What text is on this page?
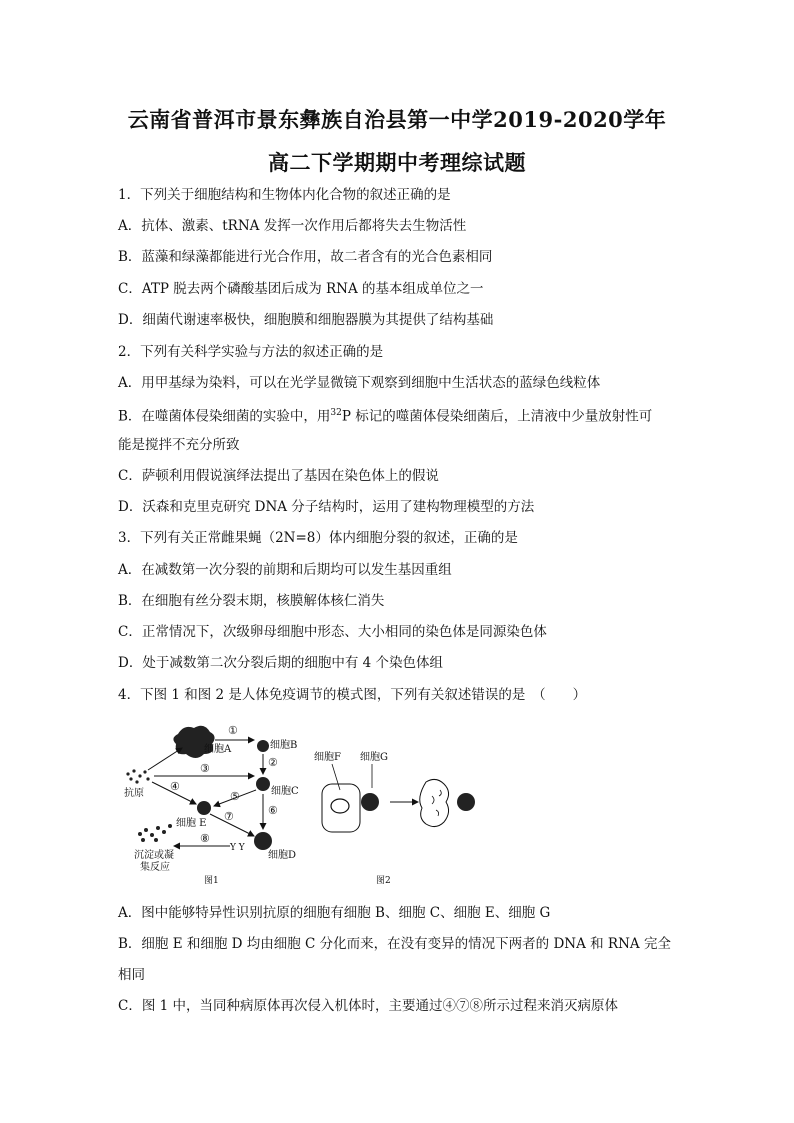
云南省普洱市景东彝族自治县第一中学2019-2020学年
高二下学期期中考理综试题
1．下列关于细胞结构和生物体内化合物的叙述正确的是
A．抗体、激素、tRNA 发挥一次作用后都将失去生物活性
B．蓝藻和绿藻都能进行光合作用，故二者含有的光合色素相同
C．ATP 脱去两个磷酸基团后成为 RNA 的基本组成单位之一
D．细菌代谢速率极快，细胞膜和细胞器膜为其提供了结构基础
2．下列有关科学实验与方法的叙述正确的是
A．用甲基绿为染料，可以在光学显微镜下观察到细胞中生活状态的蓝绿色线粒体
B．在噬菌体侵染细菌的实验中，用$^{32}$P 标记的噬菌体侵染细菌后，上清液中少量放射性可
能是搅拌不充分所致
C．萨顿利用假说演绎法提出了基因在染色体上的假说
D．沃森和克里克研究 DNA 分子结构时，运用了建构物理模型的方法
3．下列有关正常雌果蝇（2N=8）体内细胞分裂的叙述，正确的是
A．在减数第一次分裂的前期和后期均可以发生基因重组
B．在细胞有丝分裂末期，核膜解体核仁消失
C．正常情况下，次级卵母细胞中形态、大小相同的染色体是同源染色体
D．处于减数第二次分裂后期的细胞中有 4 个染色体组
4．下图 1 和图 2 是人体免疫调节的模式图，下列有关叙述错误的是　（　　）
Y Y
①
②
③
④
⑤
⑥
⑦
⑧
细胞A	细胞B
细胞C
细胞 E
细胞D
抗原
沉淀或凝
集反应
图1
细胞F 细胞G
图2
A．图中能够特异性识别抗原的细胞有细胞 B、细胞 C、细胞 E、细胞 G
B．细胞 E 和细胞 D 均由细胞 C 分化而来，在没有变异的情况下两者的 DNA 和 RNA 完全
相同
C．图 1 中，当同种病原体再次侵入机体时，主要通过④⑦⑧所示过程来消灭病原体
